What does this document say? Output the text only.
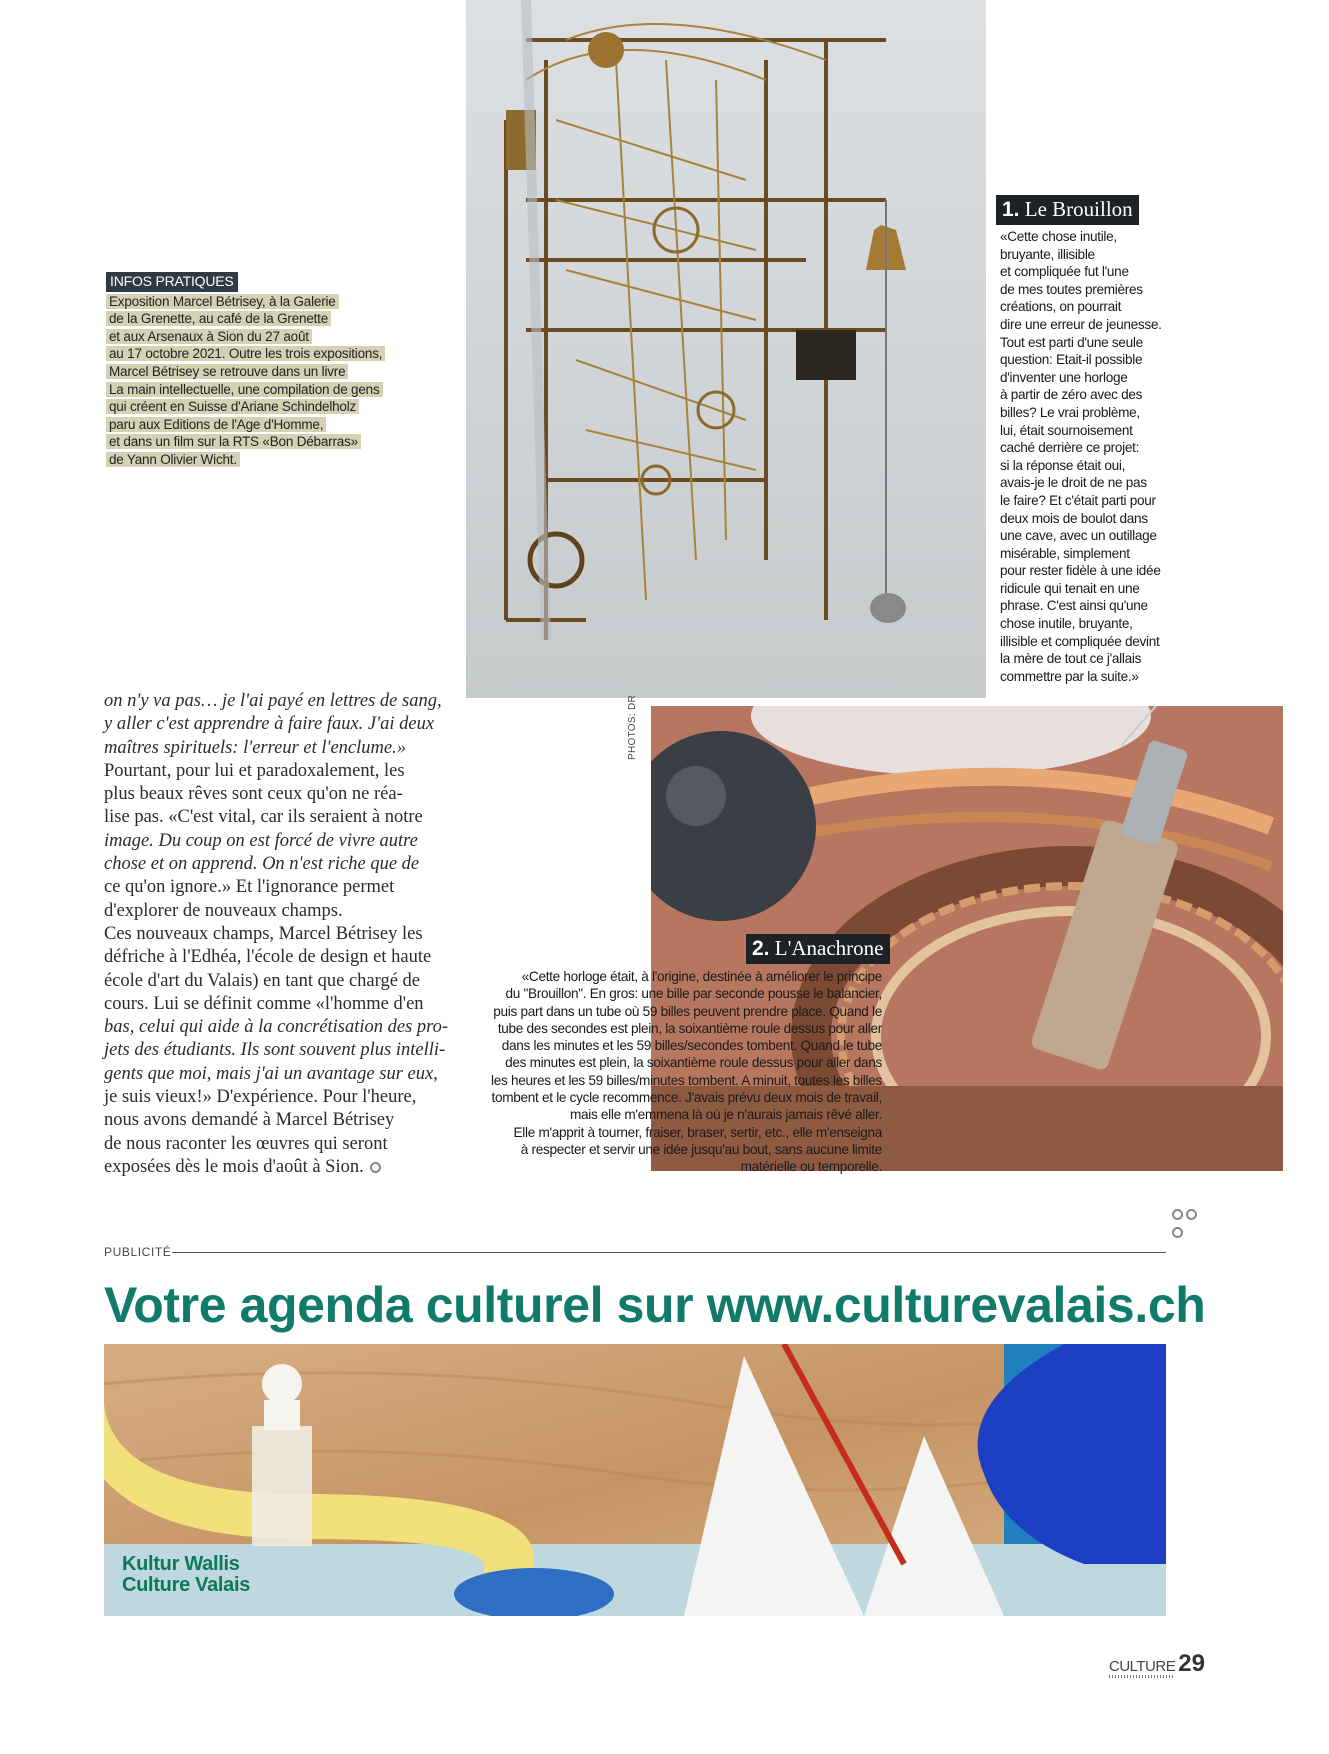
INFOS PRATIQUES
Exposition Marcel Bétrisey, à la Galerie
de la Grenette, au café de la Grenette
et aux Arsenaux à Sion du 27 août
au 17 octobre 2021. Outre les trois expositions,
Marcel Bétrisey se retrouve dans un livre
La main intellectuelle, une compilation de gens
qui créent en Suisse d'Ariane Schindelholz
paru aux Editions de l'Age d'Homme,
et dans un film sur la RTS «Bon Débarras»
de Yann Olivier Wicht.
1. Le Brouillon
«Cette chose inutile,
bruyante, illisible
et compliquée fut l'une
de mes toutes premières
créations, on pourrait
dire une erreur de jeunesse.
Tout est parti d'une seule
question: Etait-il possible
d'inventer une horloge
à partir de zéro avec des
billes? Le vrai problème,
lui, était sournoisement
caché derrière ce projet:
si la réponse était oui,
avais-je le droit de ne pas
le faire? Et c'était parti pour
deux mois de boulot dans
une cave, avec un outillage
misérable, simplement
pour rester fidèle à une idée
ridicule qui tenait en une
phrase. C'est ainsi qu'une
chose inutile, bruyante,
illisible et compliquée devint
la mère de tout ce j'allais
commettre par la suite.»
on n'y va pas… je l'ai payé en lettres de sang,
y aller c'est apprendre à faire faux. J'ai deux
maîtres spirituels: l'erreur et l'enclume.»
Pourtant, pour lui et paradoxalement, les
plus beaux rêves sont ceux qu'on ne réa-
lise pas. «C'est vital, car ils seraient à notre
image. Du coup on est forcé de vivre autre
chose et on apprend. On n'est riche que de
ce qu'on ignore.» Et l'ignorance permet
d'explorer de nouveaux champs.
Ces nouveaux champs, Marcel Bétrisey les
défriche à l'Edhéa, l'école de design et haute
école d'art du Valais) en tant que chargé de
cours. Lui se définit comme «l'homme d'en
bas, celui qui aide à la concrétisation des pro-
jets des étudiants. Ils sont souvent plus intelli-
gents que moi, mais j'ai un avantage sur eux,
je suis vieux!» D'expérience. Pour l'heure,
nous avons demandé à Marcel Bétrisey
de nous raconter les œuvres qui seront
exposées dès le mois d'août à Sion.
PHOTOS: DR
2. L'Anachrone
«Cette horloge était, à l'origine, destinée à améliorer le principe
du "Brouillon". En gros: une bille par seconde pousse le balancier,
puis part dans un tube où 59 billes peuvent prendre place. Quand le
tube des secondes est plein, la soixantième roule dessus pour aller
dans les minutes et les 59 billes/secondes tombent. Quand le tube
des minutes est plein, la soixantième roule dessus pour aller dans
les heures et les 59 billes/minutes tombent. A minuit, toutes les billes
tombent et le cycle recommence. J'avais prévu deux mois de travail,
mais elle m'emmena là où je n'aurais jamais rêvé aller.
Elle m'apprit à tourner, fraiser, braser, sertir, etc., elle m'enseigna
à respecter et servir une idée jusqu'au bout, sans aucune limite
matérielle ou temporelle.
PUBLICITÉ
Votre agenda culturel sur www.culturevalais.ch
Kultur Wallis
Culture Valais
CULTURE 29
